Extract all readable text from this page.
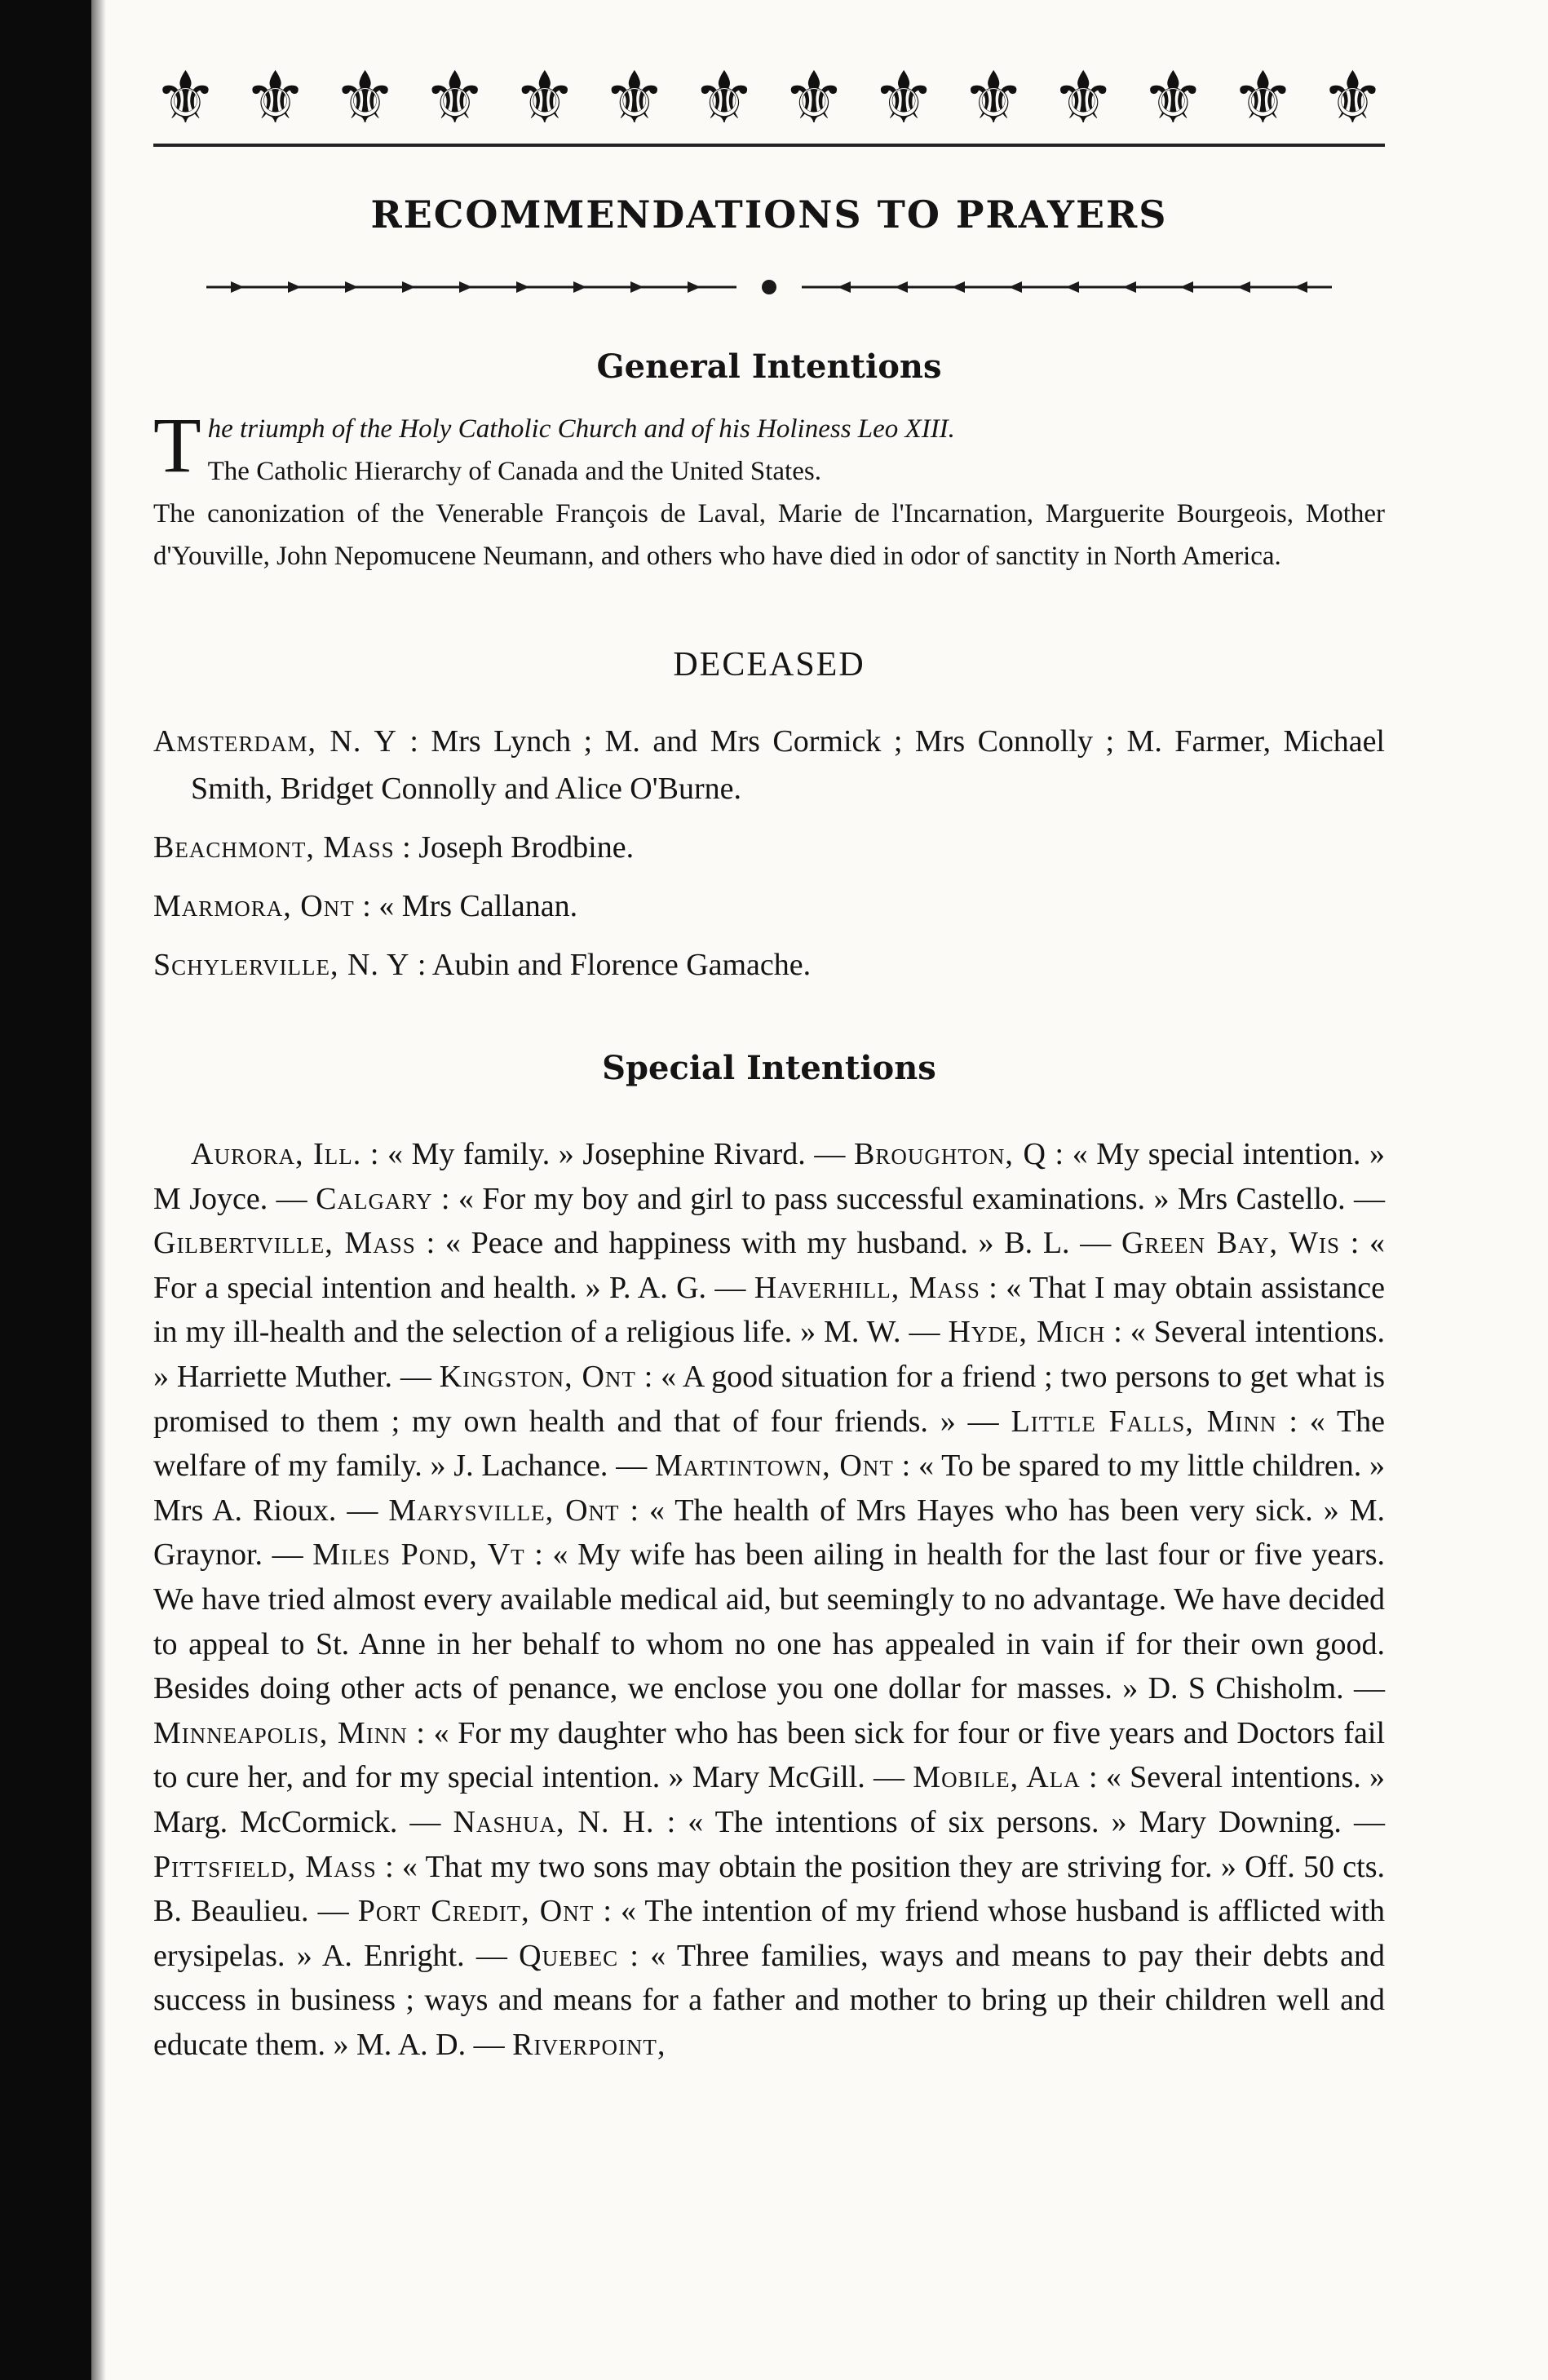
⚜ ⚜ ⚜ ⚜ ⚜ ⚜ ⚜ ⚜ ⚜ ⚜ ⚜ ⚜ ⚜ ⚜
RECOMMENDATIONS TO PRAYERS
General Intentions

T he triumph of the Holy Catholic Church and of his Holiness Leo XIII.

The Catholic Hierarchy of Canada and the United States.

The canonization of the Venerable François de Laval, Marie de l'Incarnation, Marguerite Bourgeois, Mother d'Youville, John Nepomucene Neumann, and others who have died in odor of sanctity in North America.

DECEASED

Amsterdam, N. Y : Mrs Lynch ; M. and Mrs Cormick ; Mrs Connolly ; M. Farmer, Michael Smith, Bridget Connolly and Alice O'Burne.

Beachmont, Mass : Joseph Brodbine.

Marmora, Ont : « Mrs Callanan.

Schylerville, N. Y : Aubin and Florence Gamache.

Special Intentions

Aurora, Ill. : « My family. » Josephine Rivard. — Broughton, Q : « My special intention. » M Joyce. — Calgary : « For my boy and girl to pass successful examinations. » Mrs Castello. — Gilbertville, Mass : « Peace and happiness with my husband. » B. L. — Green Bay, Wis : « For a special intention and health. » P. A. G. — Haverhill, Mass : « That I may obtain assistance in my ill-health and the selection of a religious life. » M. W. — Hyde, Mich : « Several intentions. » Harriette Muther. — Kingston, Ont : « A good situation for a friend ; two persons to get what is promised to them ; my own health and that of four friends. » — Little Falls, Minn : « The welfare of my family. » J. Lachance. — Martintown, Ont : « To be spared to my little children. » Mrs A. Rioux. — Marysville, Ont : « The health of Mrs Hayes who has been very sick. » M. Graynor. — Miles Pond, Vt : « My wife has been ailing in health for the last four or five years. We have tried almost every available medical aid, but seemingly to no advantage. We have decided to appeal to St. Anne in her behalf to whom no one has appealed in vain if for their own good. Besides doing other acts of penance, we enclose you one dollar for masses. » D. S Chisholm. — Minneapolis, Minn : « For my daughter who has been sick for four or five years and Doctors fail to cure her, and for my special intention. » Mary McGill. — Mobile, Ala : « Several intentions. » Marg. McCormick. — Nashua, N. H. : « The intentions of six persons. » Mary Downing. — Pittsfield, Mass : « That my two sons may obtain the position they are striving for. » Off. 50 cts. B. Beaulieu. — Port Credit, Ont : « The intention of my friend whose husband is afflicted with erysipelas. » A. Enright. — Quebec : « Three families, ways and means to pay their debts and success in business ; ways and means for a father and mother to bring up their children well and educate them. » M. A. D. — Riverpoint,
